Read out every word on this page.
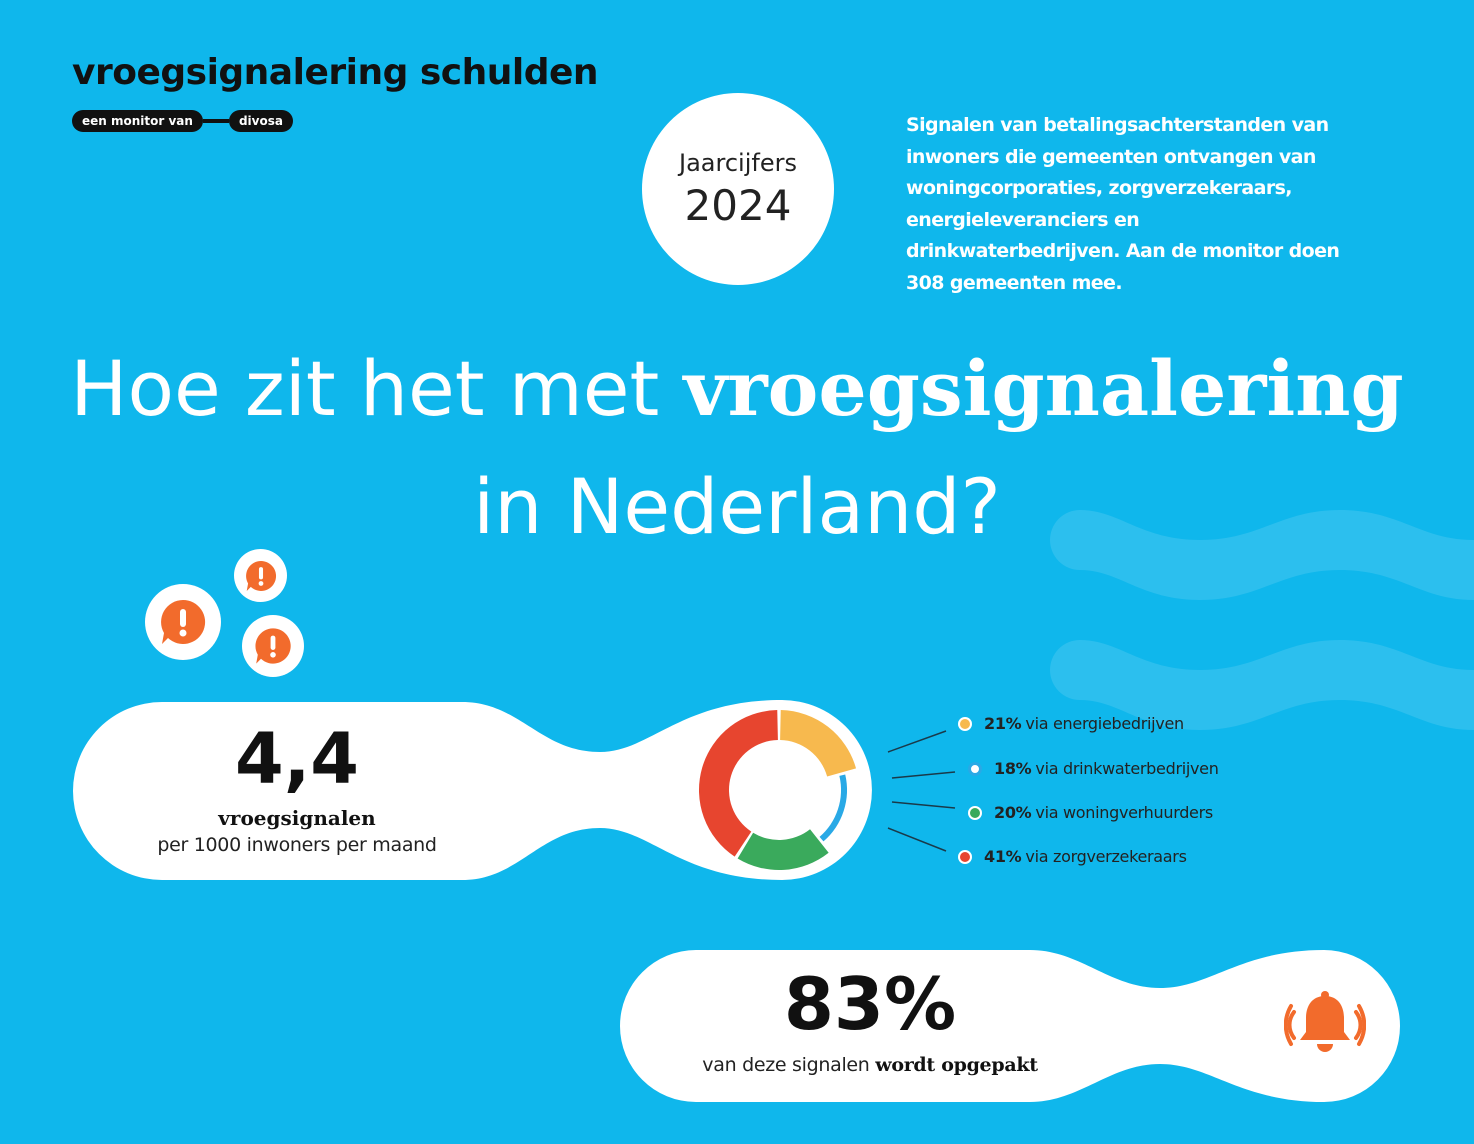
vroegsignalering schulden
een monitor van	divosa
Jaarcijfers
2024
Signalen van betalingsachterstanden van inwoners die gemeenten ontvangen van woningcorporaties, zorgverzekeraars, energieleveranciers en drinkwaterbedrijven. Aan de monitor doen 308 gemeenten mee.
Hoe zit het met vroegsignalering
in Nederland?
4,4
vroegsignalen
per 1000 inwoners per maand
21% via energiebedrijven
18% via drinkwaterbedrijven
20% via woningverhuurders
41% via zorgverzekeraars
83%
van deze signalen wordt opgepakt
